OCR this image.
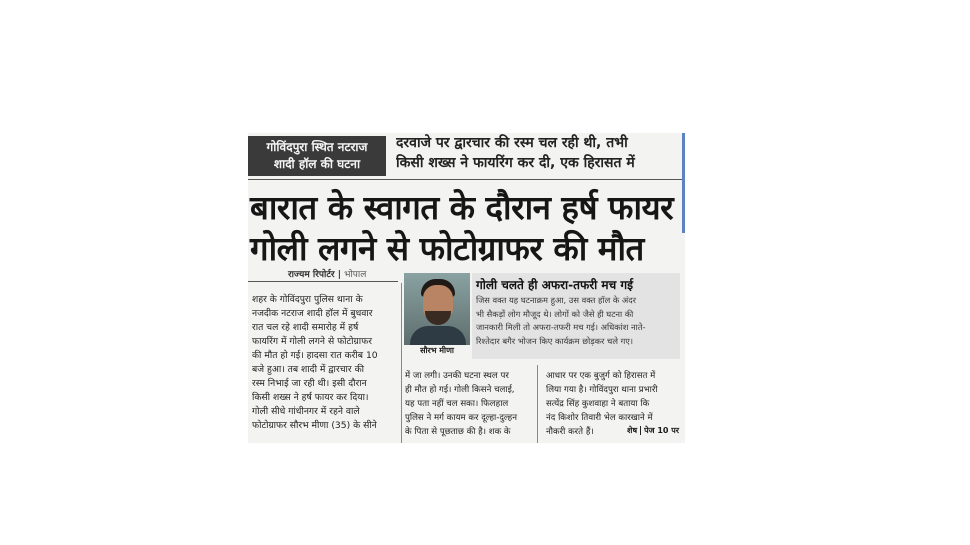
गोविंदपुरा स्थित नटराज
शादी हॉल की घटना
दरवाजे पर द्वारचार की रस्म चल रही थी, तभी
किसी शख्स ने फायरिंग कर दी, एक हिरासत में
बारात के स्वागत के दौरान हर्ष फायर
गोली लगने से फोटोग्राफर की मौत
राज्यम रिपोर्टर | भोपाल
शहर के गोविंदपुरा पुलिस थाना के
नजदीक नटराज शादी हॉल में बुधवार
रात चल रहे शादी समारोह में हर्ष
फायरिंग में गोली लगने से फोटोग्राफर
की मौत हो गई। हादसा रात करीब 10
बजे हुआ। तब शादी में द्वारचार की
रस्म निभाई जा रही थी। इसी दौरान
किसी शख्स ने हर्ष फायर कर दिया।
गोली सीधे गांधीनगर में रहने वाले
फोटोग्राफर सौरभ मीणा (35) के सीने
सौरभ मीणा
गोली चलते ही अफरा-तफरी मच गई
जिस वक्त यह घटनाक्रम हुआ, उस वक्त हॉल के अंदर
भी सैकड़ों लोग मौजूद थे। लोगों को जैसे ही घटना की
जानकारी मिली तो अफरा-तफरी मच गई। अधिकांश नाते-
रिश्तेदार बगैर भोजन किए कार्यक्रम छोड़कर चले गए।
में जा लगी। उनकी घटना स्थल पर
ही मौत हो गई। गोली किसने चलाई,
यह पता नहीं चल सका। फिलहाल
पुलिस ने मर्ग कायम कर दूल्हा-दुल्हन
के पिता से पूछताछ की है। शक के
आधार पर एक बुजुर्ग को हिरासत में
लिया गया है। गोविंदपुरा थाना प्रभारी
सत्येंद्र सिंह कुशवाहा ने बताया कि
नंद किशोर तिवारी भेल कारखाने में
नौकरी करते हैं।	शेष पेज 10 पर
